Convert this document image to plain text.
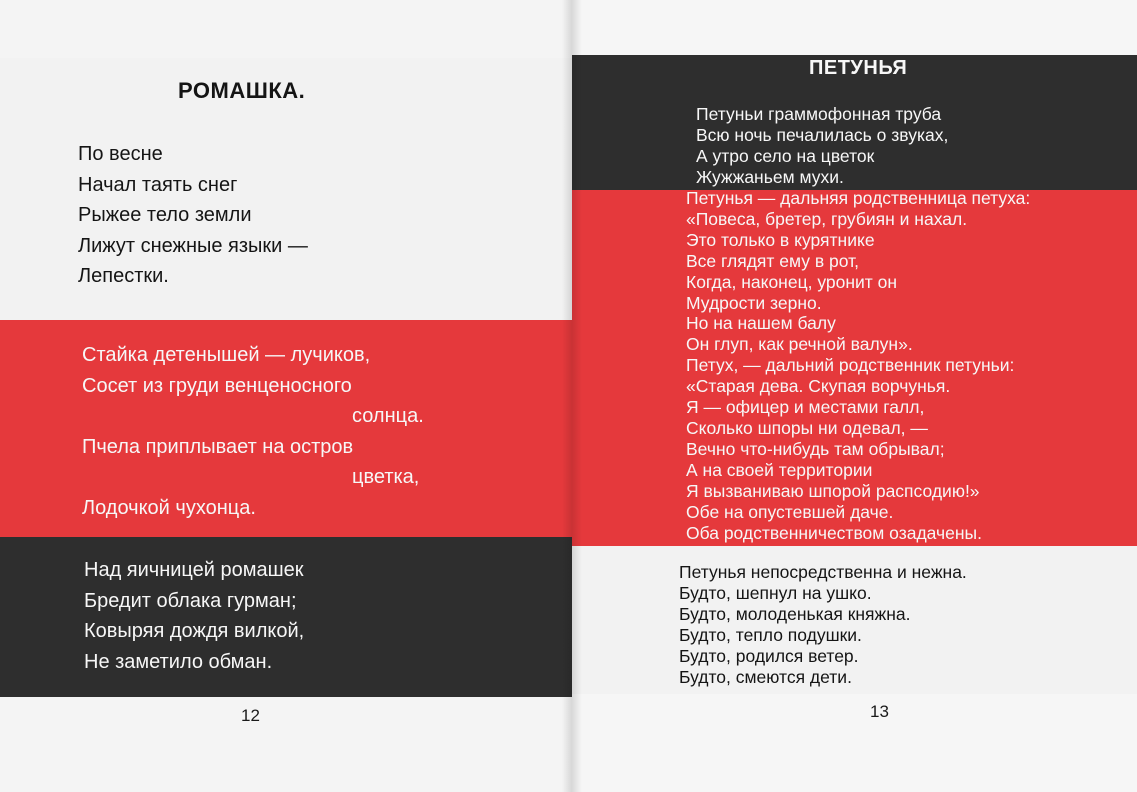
РОМАШКА.
По весне
Начал таять снег
Рыжее тело земли
Лижут снежные языки —
Лепестки.
Стайка детенышей — лучиков,
Сосет из груди венценосного
солнца.
Пчела приплывает на остров
цветка,
Лодочкой чухонца.
Над яичницей ромашек
Бредит облака гурман;
Ковыряя дождя вилкой,
Не заметило обман.

12

ПЕТУНЬЯ
Петуньи граммофонная труба
Всю ночь печалилась о звуках,
А утро село на цветок
Жужжаньем мухи.
Петунья — дальняя родственница петуха:
«Повеса, бретер, грубиян и нахал.
Это только в курятнике
Все глядят ему в рот,
Когда, наконец, уронит он
Мудрости зерно.
Но на нашем балу
Он глуп, как речной валун».
Петух, — дальний родственник петуньи:
«Старая дева. Скупая ворчунья.
Я — офицер и местами галл,
Сколько шпоры ни одевал, —
Вечно что-нибудь там обрывал;
А на своей территории
Я вызваниваю шпорой распсодию!»
Обе на опустевшей даче.
Оба родственничеством озадачены.
Петунья непосредственна и нежна.
Будто, шепнул на ушко.
Будто, молоденькая княжна.
Будто, тепло подушки.
Будто, родился ветер.
Будто, смеются дети.

13
